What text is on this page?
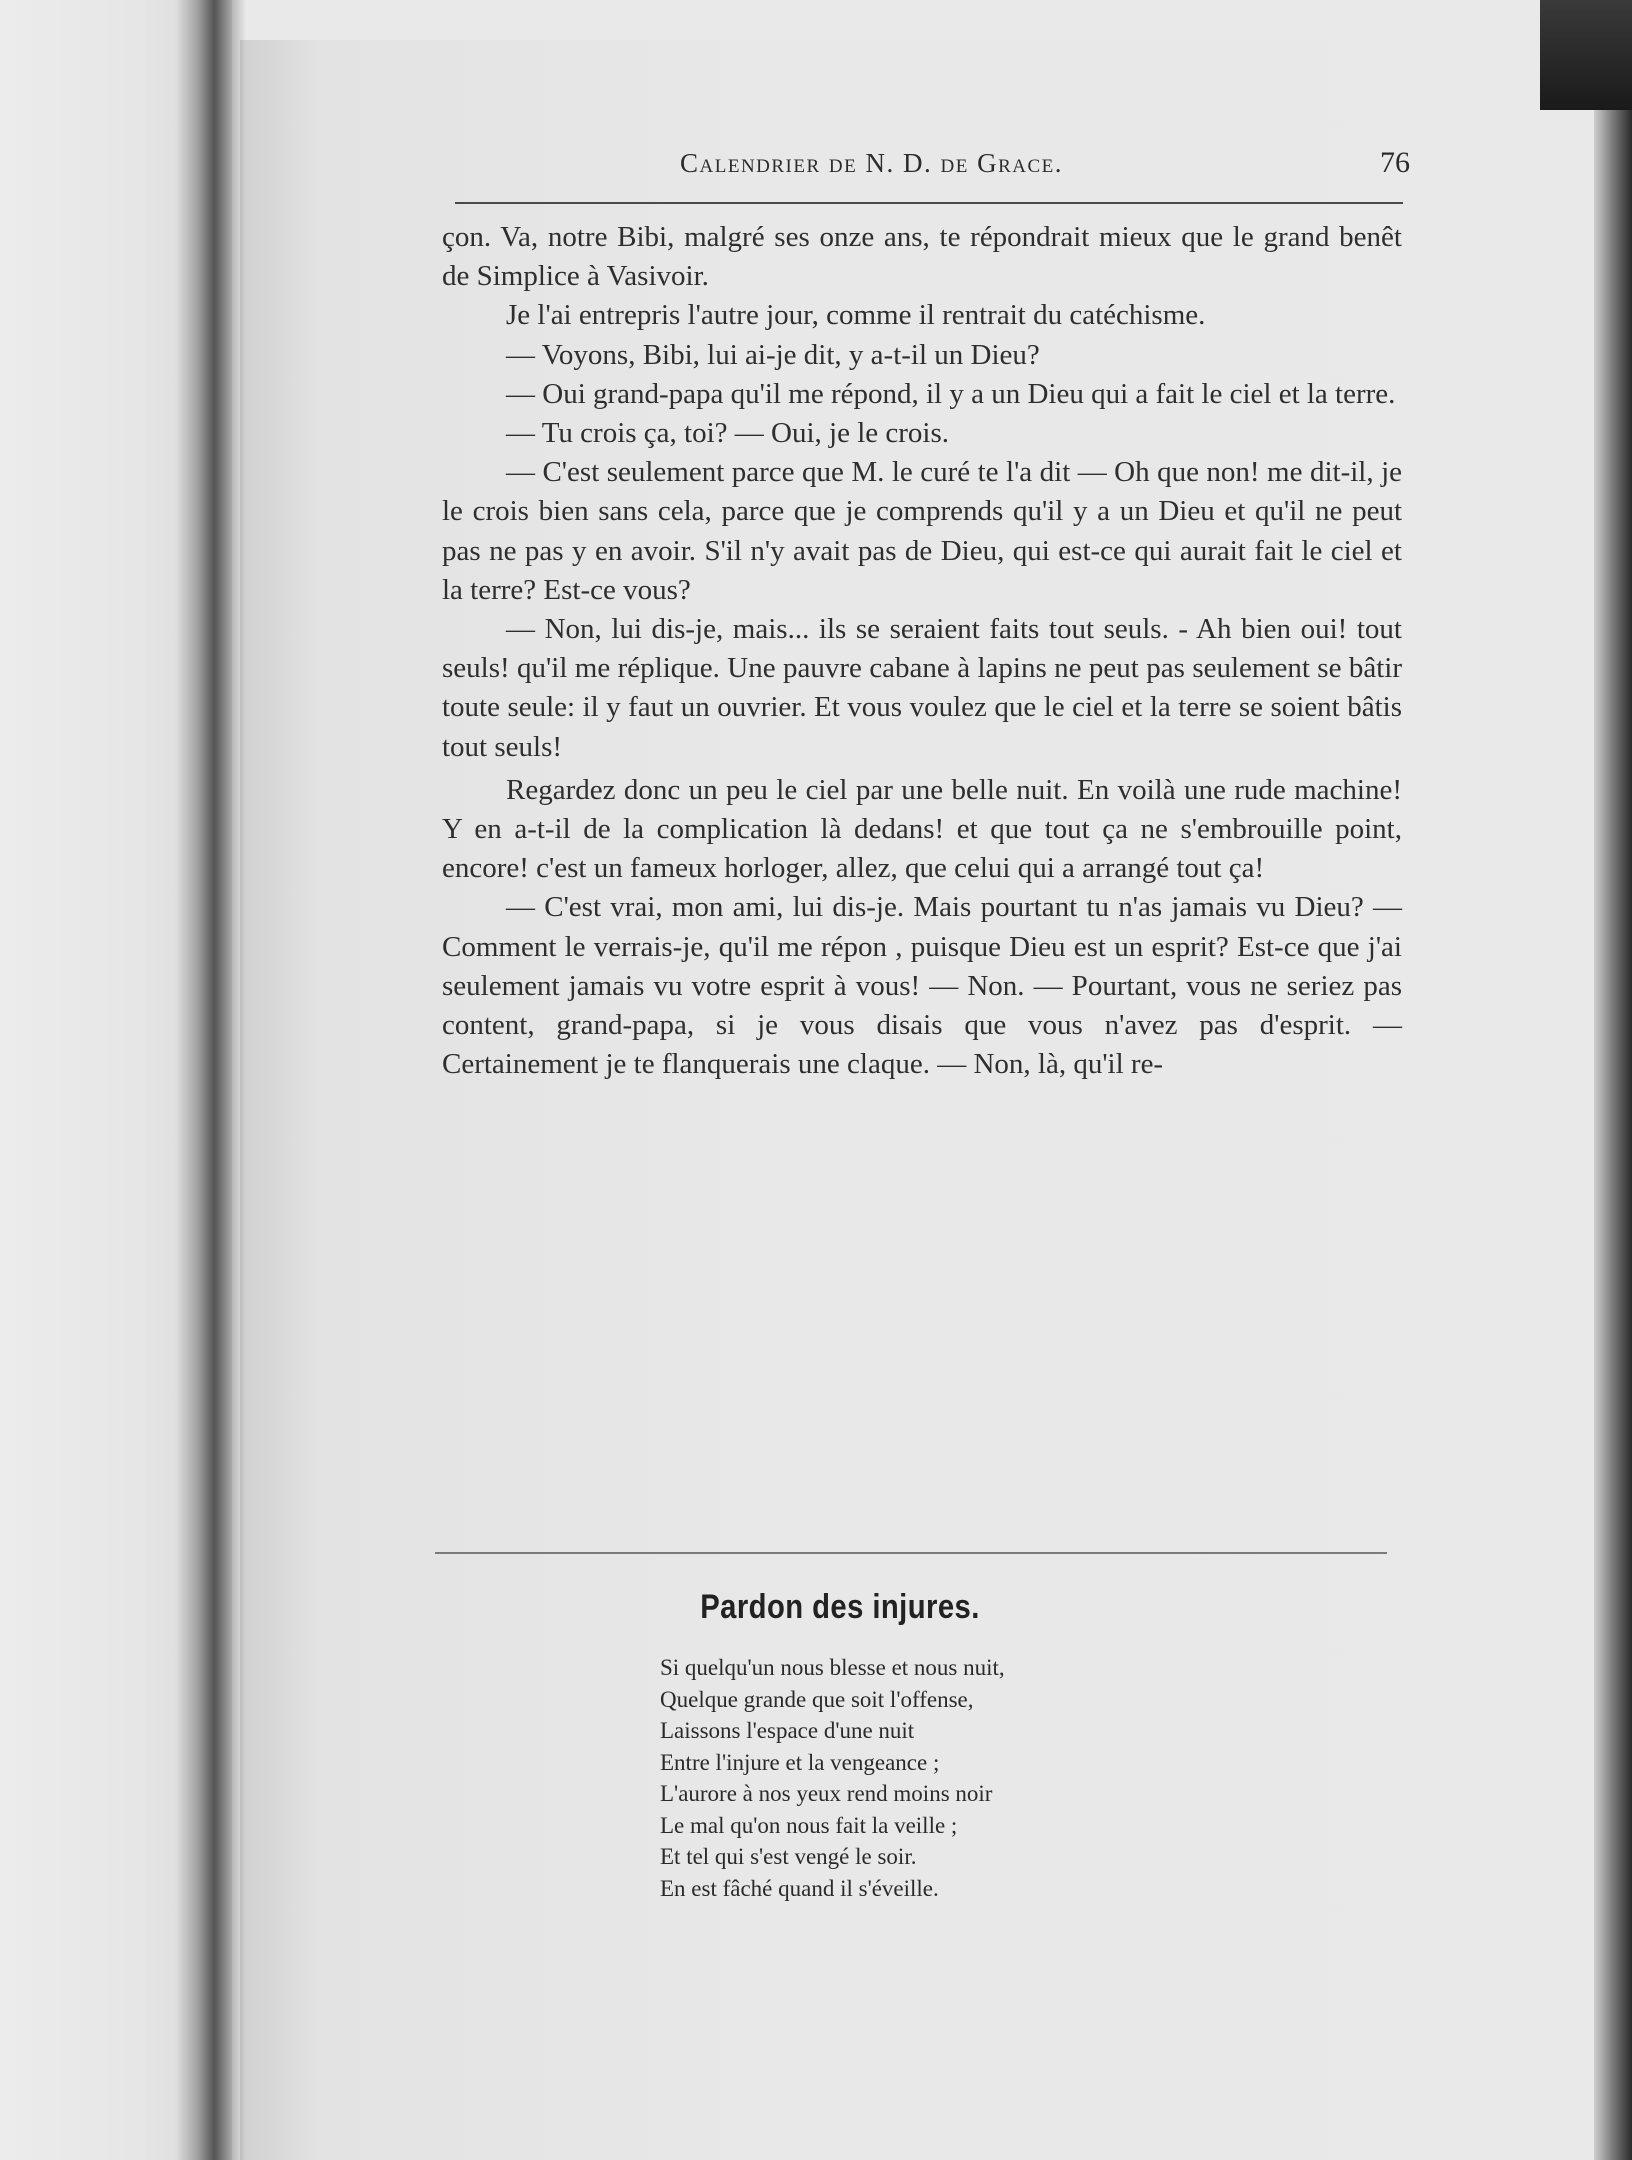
Calendrier de N. D. de Grace.	76

çon. Va, notre Bibi, malgré ses onze ans, te répondrait mieux que le grand benêt de Simplice à Vasivoir.

Je l'ai entrepris l'autre jour, comme il rentrait du catéchisme.

— Voyons, Bibi, lui ai-je dit, y a-t-il un Dieu?

— Oui grand-papa qu'il me répond, il y a un Dieu qui a fait le ciel et la terre.

— Tu crois ça, toi? — Oui, je le crois.

— C'est seulement parce que M. le curé te l'a dit — Oh que non! me dit-il, je le crois bien sans cela, parce que je comprends qu'il y a un Dieu et qu'il ne peut pas ne pas y en avoir. S'il n'y avait pas de Dieu, qui est-ce qui aurait fait le ciel et la terre? Est-ce vous?

— Non, lui dis-je, mais... ils se seraient faits tout seuls. - Ah bien oui! tout seuls! qu'il me réplique. Une pauvre cabane à lapins ne peut pas seulement se bâtir toute seule: il y faut un ouvrier. Et vous voulez que le ciel et la terre se soient bâtis tout seuls!

Regardez donc un peu le ciel par une belle nuit. En voilà une rude machine! Y en a-t-il de la complication là dedans! et que tout ça ne s'embrouille point, encore! c'est un fameux horloger, allez, que celui qui a arrangé tout ça!

— C'est vrai, mon ami, lui dis-je. Mais pourtant tu n'as jamais vu Dieu? — Comment le verrais-je, qu'il me répon , puisque Dieu est un esprit? Est-ce que j'ai seulement jamais vu votre esprit à vous! — Non. — Pourtant, vous ne seriez pas content, grand-papa, si je vous disais que vous n'avez pas d'esprit. — Certainement je te flanquerais une claque. — Non, là, qu'il re-

Pardon des injures.
Si quelqu'un nous blesse et nous nuit,
Quelque grande que soit l'offense,
Laissons l'espace d'une nuit
Entre l'injure et la vengeance ;
L'aurore à nos yeux rend moins noir
Le mal qu'on nous fait la veille ;
Et tel qui s'est vengé le soir.
En est fâché quand il s'éveille.
